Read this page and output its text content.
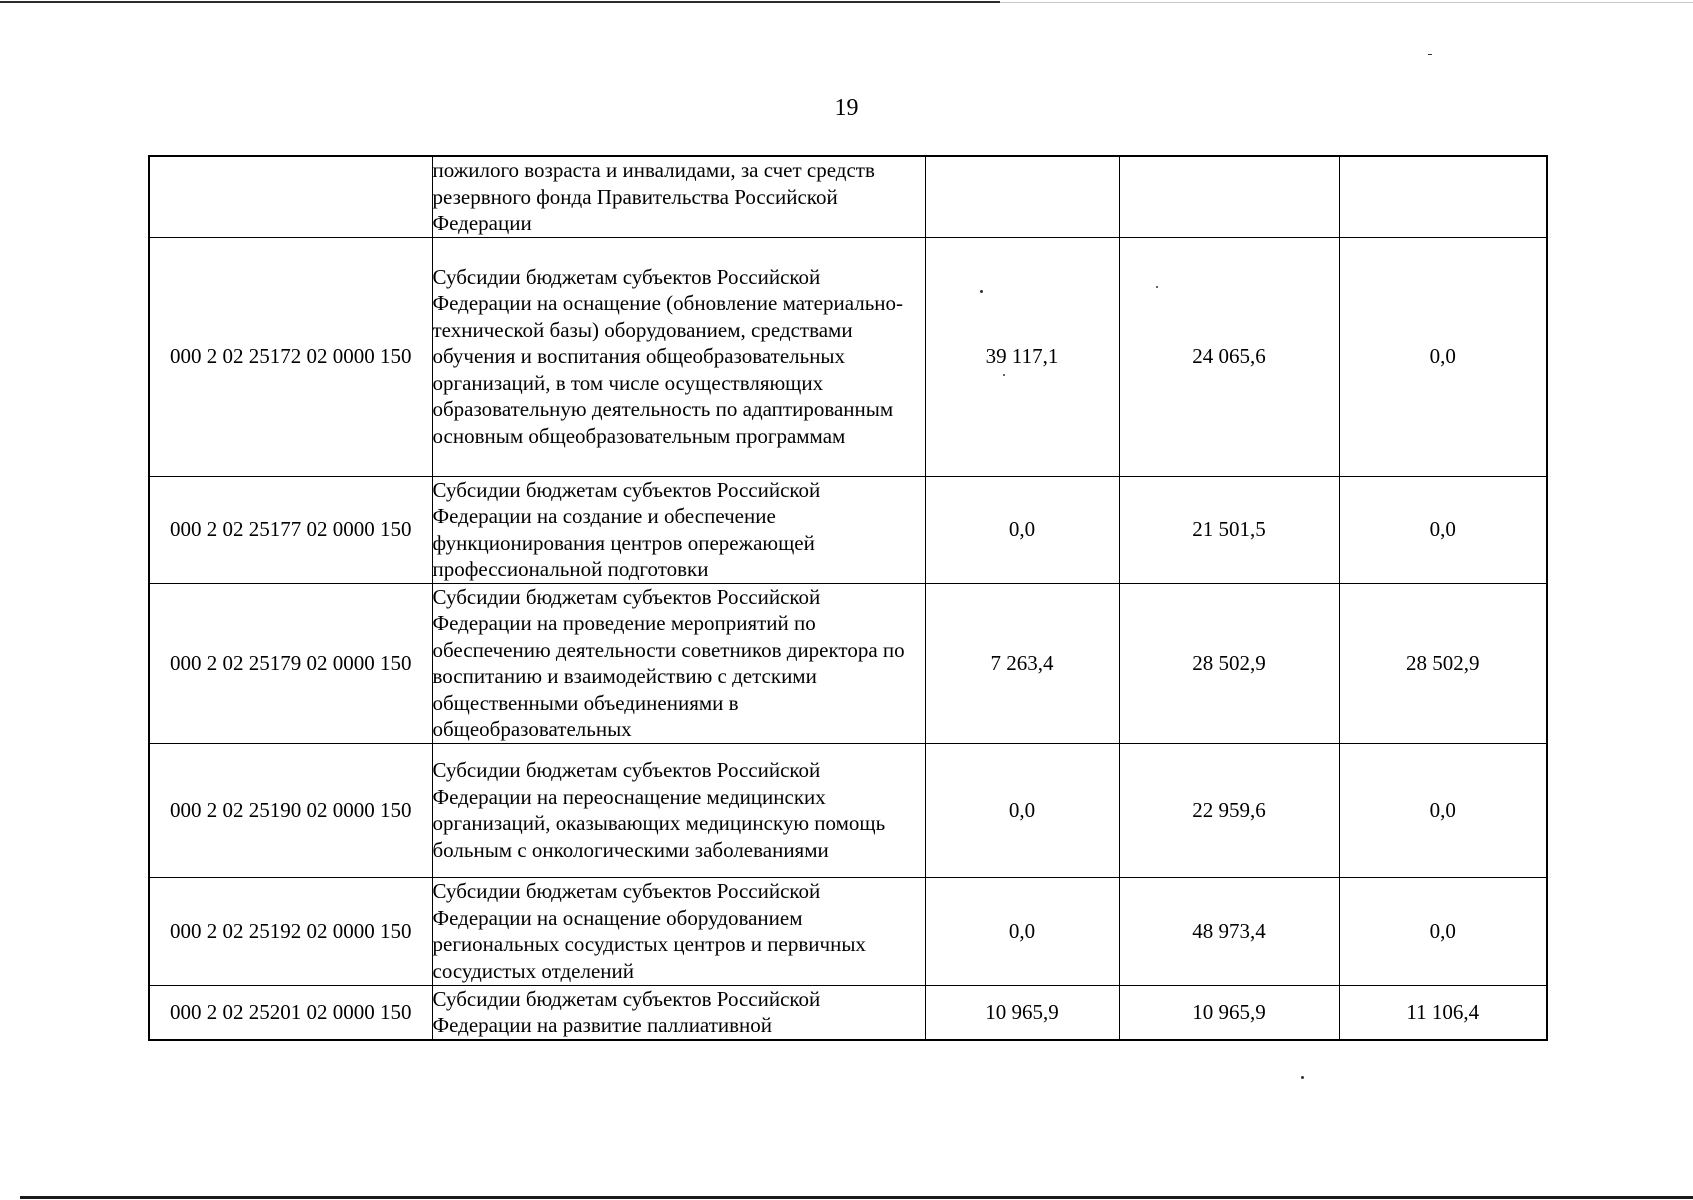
19
	пожилого возраста и инвалидами, за счет средств резервного фонда Правительства Российской Федерации			
000 2 02 25172 02 0000 150	Субсидии бюджетам субъектов Российской Федерации на оснащение (обновление материально-технической базы) оборудованием, средствами обучения и воспитания общеобразовательных организаций, в том числе осуществляющих образовательную деятельность по адаптированным основным общеобразовательным программам	39 117,1	24 065,6	0,0
000 2 02 25177 02 0000 150	Субсидии бюджетам субъектов Российской Федерации на создание и обеспечение функционирования центров опережающей профессиональной подготовки	0,0	21 501,5	0,0
000 2 02 25179 02 0000 150	Субсидии бюджетам субъектов Российской Федерации на проведение мероприятий по обеспечению деятельности советников директора по воспитанию и взаимодействию с детскими общественными объединениями в общеобразовательных	7 263,4	28 502,9	28 502,9
000 2 02 25190 02 0000 150	Субсидии бюджетам субъектов Российской Федерации на переоснащение медицинских организаций, оказывающих медицинскую помощь больным с онкологическими заболеваниями	0,0	22 959,6	0,0
000 2 02 25192 02 0000 150	Субсидии бюджетам субъектов Российской Федерации на оснащение оборудованием региональных сосудистых центров и первичных сосудистых отделений	0,0	48 973,4	0,0
000 2 02 25201 02 0000 150	Субсидии бюджетам субъектов Российской Федерации на развитие паллиативной	10 965,9	10 965,9	11 106,4
